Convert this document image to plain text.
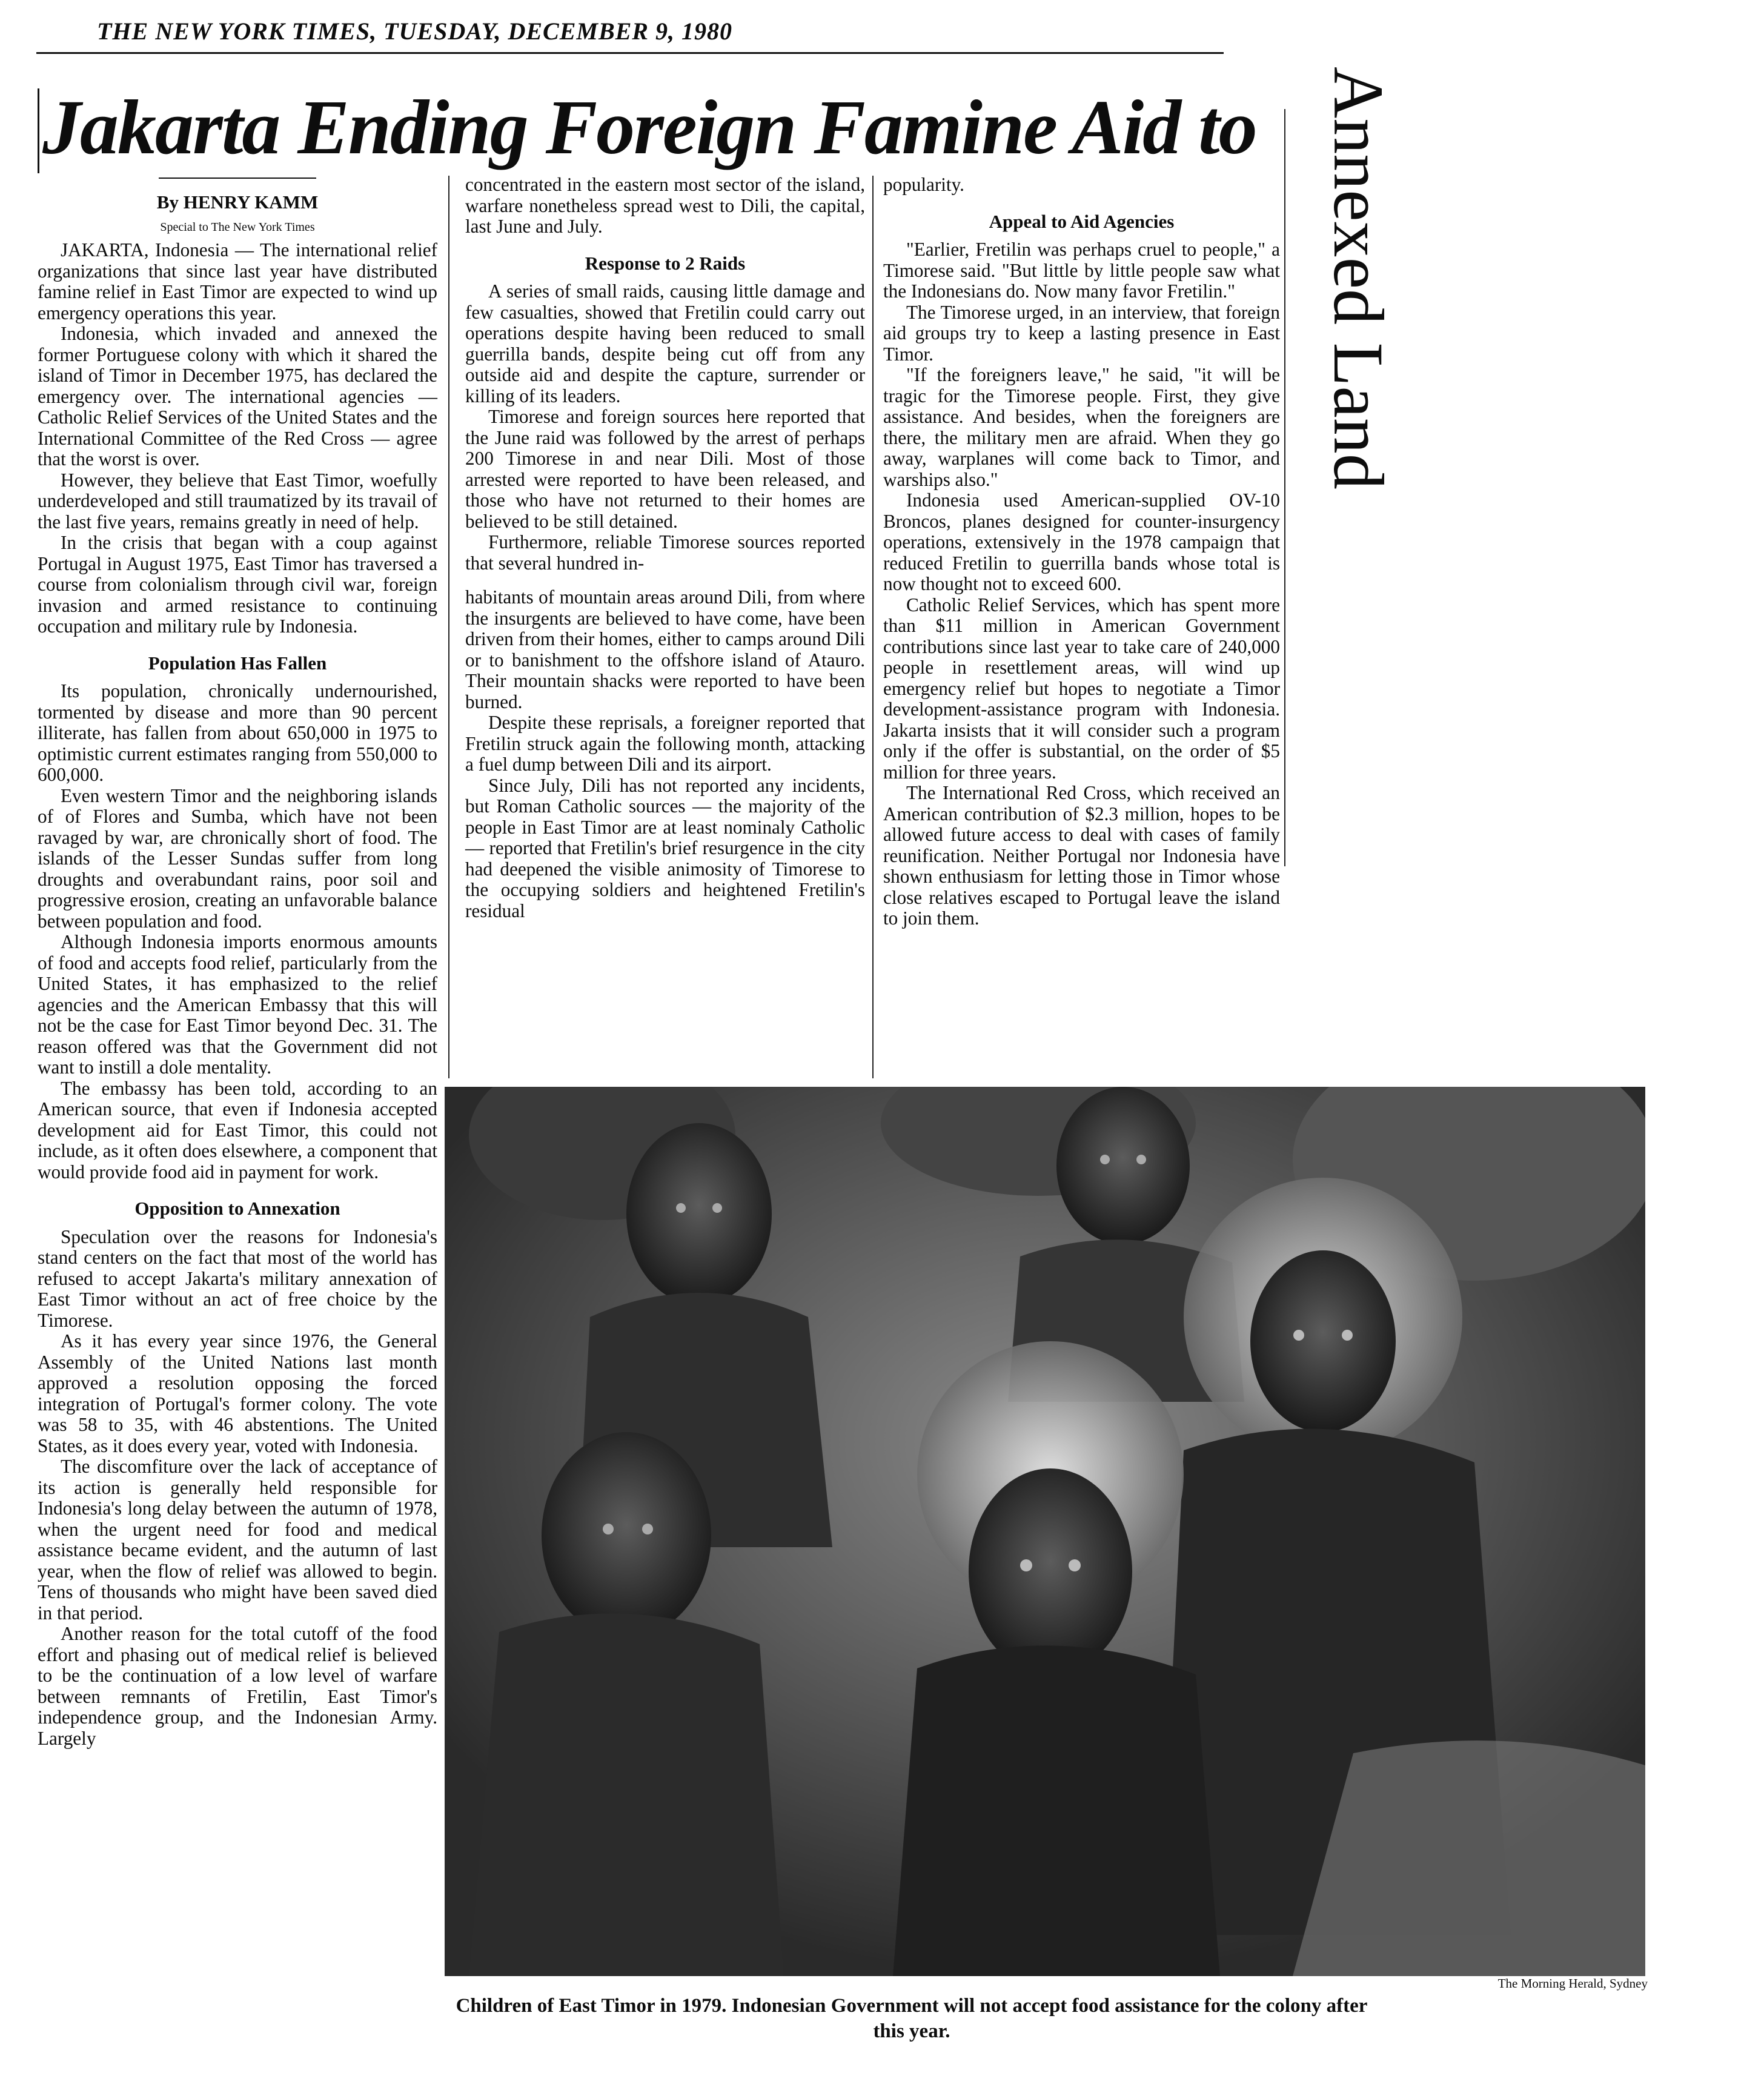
THE NEW YORK TIMES, TUESDAY, DECEMBER 9, 1980
Jakarta Ending Foreign Famine Aid to Annexed Land
By HENRY KAMM
Special to The New York Times

JAKARTA, Indonesia — The international relief organizations that since last year have distributed famine relief in East Timor are expected to wind up emergency operations this year.

Indonesia, which invaded and annexed the former Portuguese colony with which it shared the island of Timor in December 1975, has declared the emergency over. The international agencies — Catholic Relief Services of the United States and the International Committee of the Red Cross — agree that the worst is over.

However, they believe that East Timor, woefully underdeveloped and still traumatized by its travail of the last five years, remains greatly in need of help.

In the crisis that began with a coup against Portugal in August 1975, East Timor has traversed a course from colonialism through civil war, foreign invasion and armed resistance to continuing occupation and military rule by Indonesia.

Population Has Fallen

Its population, chronically undernourished, tormented by disease and more than 90 percent illiterate, has fallen from about 650,000 in 1975 to optimistic current estimates ranging from 550,000 to 600,000.

Even western Timor and the neighboring islands of of Flores and Sumba, which have not been ravaged by war, are chronically short of food. The islands of the Lesser Sundas suffer from long droughts and overabundant rains, poor soil and progressive erosion, creating an unfavorable balance between population and food.

Although Indonesia imports enormous amounts of food and accepts food relief, particularly from the United States, it has emphasized to the relief agencies and the American Embassy that this will not be the case for East Timor beyond Dec. 31. The reason offered was that the Government did not want to instill a dole mentality.

The embassy has been told, according to an American source, that even if Indonesia accepted development aid for East Timor, this could not include, as it often does elsewhere, a component that would provide food aid in payment for work.

Opposition to Annexation

Speculation over the reasons for Indonesia's stand centers on the fact that most of the world has refused to accept Jakarta's military annexation of East Timor without an act of free choice by the Timorese.

As it has every year since 1976, the General Assembly of the United Nations last month approved a resolution opposing the forced integration of Portugal's former colony. The vote was 58 to 35, with 46 abstentions. The United States, as it does every year, voted with Indonesia.

The discomfiture over the lack of acceptance of its action is generally held responsible for Indonesia's long delay between the autumn of 1978, when the urgent need for food and medical assistance became evident, and the autumn of last year, when the flow of relief was allowed to begin. Tens of thousands who might have been saved died in that period.

Another reason for the total cutoff of the food effort and phasing out of medical relief is believed to be the continuation of a low level of warfare between remnants of Fretilin, East Timor's independence group, and the Indonesian Army. Largely

concentrated in the eastern most sector of the island, warfare nonetheless spread west to Dili, the capital, last June and July.

Response to 2 Raids

A series of small raids, causing little damage and few casualties, showed that Fretilin could carry out operations despite having been reduced to small guerrilla bands, despite being cut off from any outside aid and despite the capture, surrender or killing of its leaders.

Timorese and foreign sources here reported that the June raid was followed by the arrest of perhaps 200 Timorese in and near Dili. Most of those arrested were reported to have been released, and those who have not returned to their homes are believed to be still detained.

Furthermore, reliable Timorese sources reported that several hundred in-

habitants of mountain areas around Dili, from where the insurgents are believed to have come, have been driven from their homes, either to camps around Dili or to banishment to the offshore island of Atauro. Their mountain shacks were reported to have been burned.

Despite these reprisals, a foreigner reported that Fretilin struck again the following month, attacking a fuel dump between Dili and its airport.

Since July, Dili has not reported any incidents, but Roman Catholic sources — the majority of the people in East Timor are at least nominaly Catholic — reported that Fretilin's brief resurgence in the city had deepened the visible animosity of Timorese to the occupying soldiers and heightened Fretilin's residual

popularity.

Appeal to Aid Agencies

"Earlier, Fretilin was perhaps cruel to people," a Timorese said. "But little by little people saw what the Indonesians do. Now many favor Fretilin."

The Timorese urged, in an interview, that foreign aid groups try to keep a lasting presence in East Timor.

"If the foreigners leave," he said, "it will be tragic for the Timorese people. First, they give assistance. And besides, when the foreigners are there, the military men are afraid. When they go away, warplanes will come back to Timor, and warships also."

Indonesia used American-supplied OV-10 Broncos, planes designed for counter-insurgency operations, extensively in the 1978 campaign that reduced Fretilin to guerrilla bands whose total is now thought not to exceed 600.

Catholic Relief Services, which has spent more than $11 million in American Government contributions since last year to take care of 240,000 people in resettlement areas, will wind up emergency relief but hopes to negotiate a Timor development-assistance program with Indonesia. Jakarta insists that it will consider such a program only if the offer is substantial, on the order of $5 million for three years.

The International Red Cross, which received an American contribution of $2.3 million, hopes to be allowed future access to deal with cases of family reunification. Neither Portugal nor Indonesia have shown enthusiasm for letting those in Timor whose close relatives escaped to Portugal leave the island to join them.

The Morning Herald, Sydney
Children of East Timor in 1979. Indonesian Government will not accept food assistance for the colony after this year.
